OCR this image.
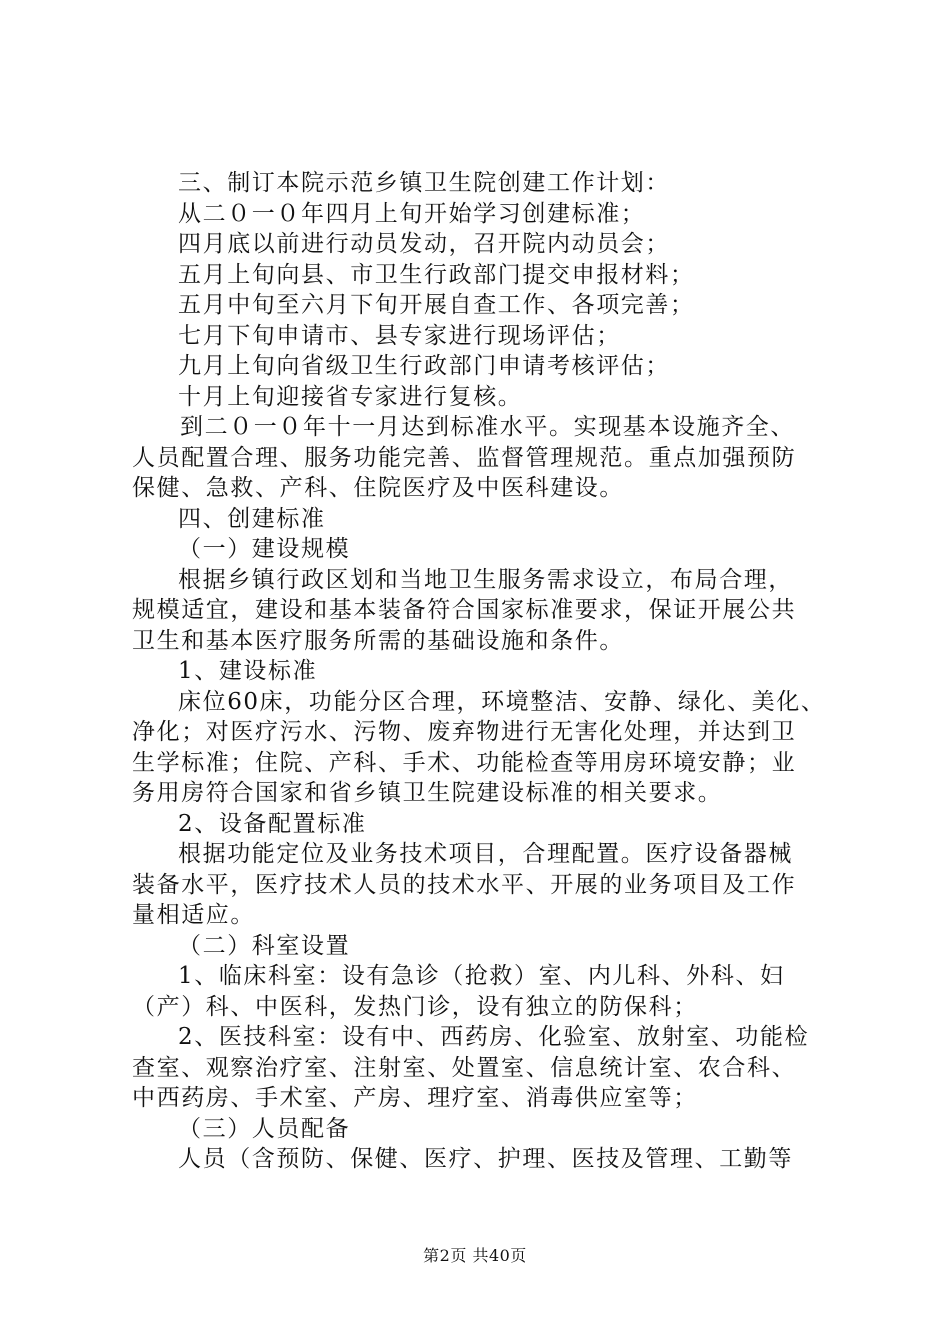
三、制订本院示范乡镇卫生院创建工作计划：
从二０一０年四月上旬开始学习创建标准；
四月底以前进行动员发动，召开院内动员会；
五月上旬向县、市卫生行政部门提交申报材料；
五月中旬至六月下旬开展自查工作、各项完善；
七月下旬申请市、县专家进行现场评估；
九月上旬向省级卫生行政部门申请考核评估；
十月上旬迎接省专家进行复核。
到二０一０年十一月达到标准水平。实现基本设施齐全、
人员配置合理、服务功能完善、监督管理规范。重点加强预防
保健、急救、产科、住院医疗及中医科建设。
四、创建标准
（一）建设规模
根据乡镇行政区划和当地卫生服务需求设立，布局合理，
规模适宜，建设和基本装备符合国家标准要求，保证开展公共
卫生和基本医疗服务所需的基础设施和条件。
1、建设标准
床位60床，功能分区合理，环境整洁、安静、绿化、美化、
净化；对医疗污水、污物、废弃物进行无害化处理，并达到卫
生学标准；住院、产科、手术、功能检查等用房环境安静；业
务用房符合国家和省乡镇卫生院建设标准的相关要求。
2、设备配置标准
根据功能定位及业务技术项目，合理配置。医疗设备器械
装备水平，医疗技术人员的技术水平、开展的业务项目及工作
量相适应。
（二）科室设置
1、临床科室：设有急诊（抢救）室、内儿科、外科、妇
（产）科、中医科，发热门诊，设有独立的防保科；
2、医技科室：设有中、西药房、化验室、放射室、功能检
查室、观察治疗室、注射室、处置室、信息统计室、农合科、
中西药房、手术室、产房、理疗室、消毒供应室等；
（三）人员配备
人员（含预防、保健、医疗、护理、医技及管理、工勤等
第2页 共40页
